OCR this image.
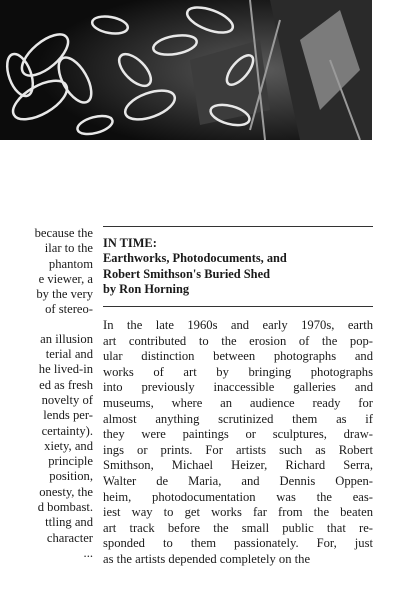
because the
ilar to the
phantom
e viewer, a
by the very
of stereo-
an illusion
terial and
he lived-in
ed as fresh
novelty of
lends per-
certainty).
xiety, and
principle
position,
onesty, the
d bombast.
ttling and
character
...
IN TIME:
Earthworks, Photodocuments, and
Robert Smithson's Buried Shed
by Ron Horning
In the late 1960s and early 1970s, earth
art contributed to the erosion of the pop-
ular distinction between photographs and
works of art by bringing photographs
into previously inaccessible galleries and
museums, where an audience ready for
almost anything scrutinized them as if
they were paintings or sculptures, draw-
ings or prints. For artists such as Robert
Smithson, Michael Heizer, Richard Serra,
Walter de Maria, and Dennis Oppen-
heim, photodocumentation was the eas-
iest way to get works far from the beaten
art track before the small public that re-
sponded to them passionately. For, just
as the artists depended completely on the
